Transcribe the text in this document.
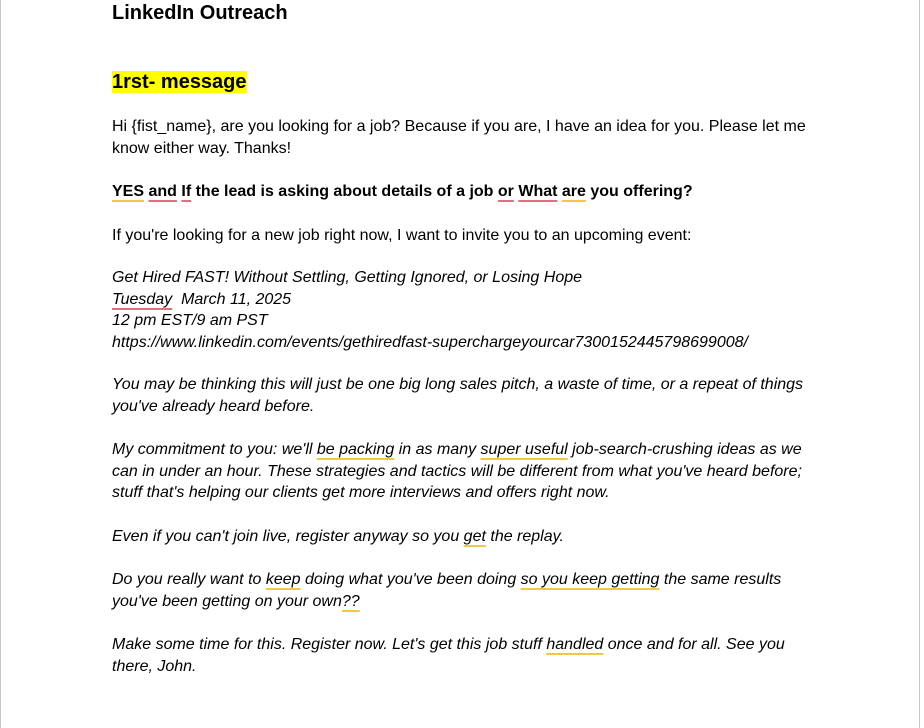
LinkedIn Outreach
1rst- message
Hi {fist_name}, are you looking for a job? Because if you are, I have an idea for you. Please let me know either way. Thanks!
YES and If the lead is asking about details of a job or What are you offering?
If you're looking for a new job right now, I want to invite you to an upcoming event:
Get Hired FAST! Without Settling, Getting Ignored, or Losing Hope
Tuesday  March 11, 2025
12 pm EST/9 am PST
https://www.linkedin.com/events/gethiredfast-superchargeyourcar7300152445798699008/
You may be thinking this will just be one big long sales pitch, a waste of time, or a repeat of things you've already heard before.
My commitment to you: we'll be packing in as many super useful job-search-crushing ideas as we can in under an hour. These strategies and tactics will be different from what you've heard before; stuff that's helping our clients get more interviews and offers right now.
Even if you can't join live, register anyway so you get the replay.
Do you really want to keep doing what you've been doing so you keep getting the same results you've been getting on your own??
Make some time for this. Register now. Let's get this job stuff handled once and for all. See you there, John.
